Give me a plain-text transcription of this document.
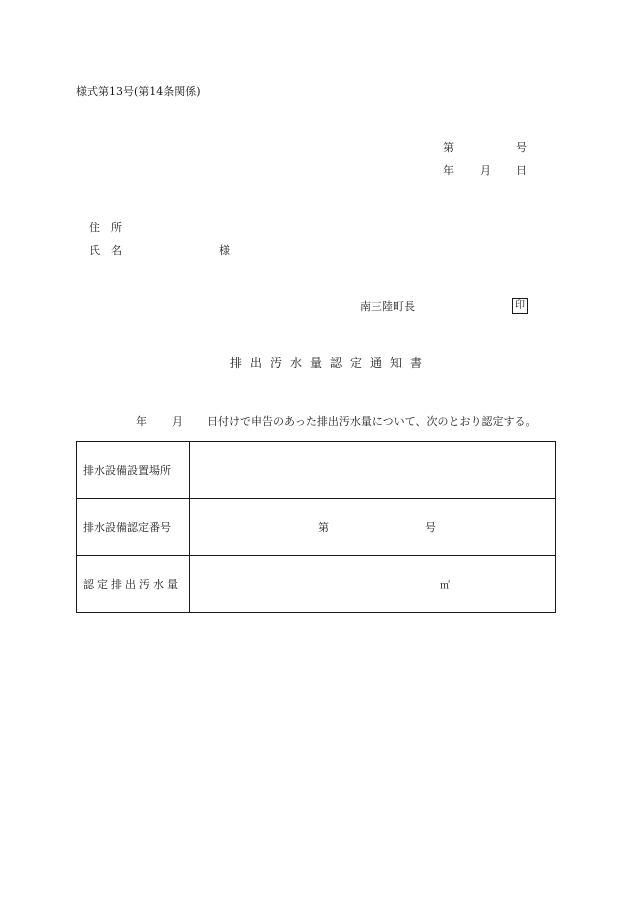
様式第13号(第14条関係)
第	号
年 月 日
住　所
氏　名	様
南三陸町長	印
排出汚水量認定通知書
年 月 日付けで申告のあった排出汚水量について、次のとおり認定する。
排水設備設置場所	
排水設備認定番号	第 号

認定排出汚水量	㎥
